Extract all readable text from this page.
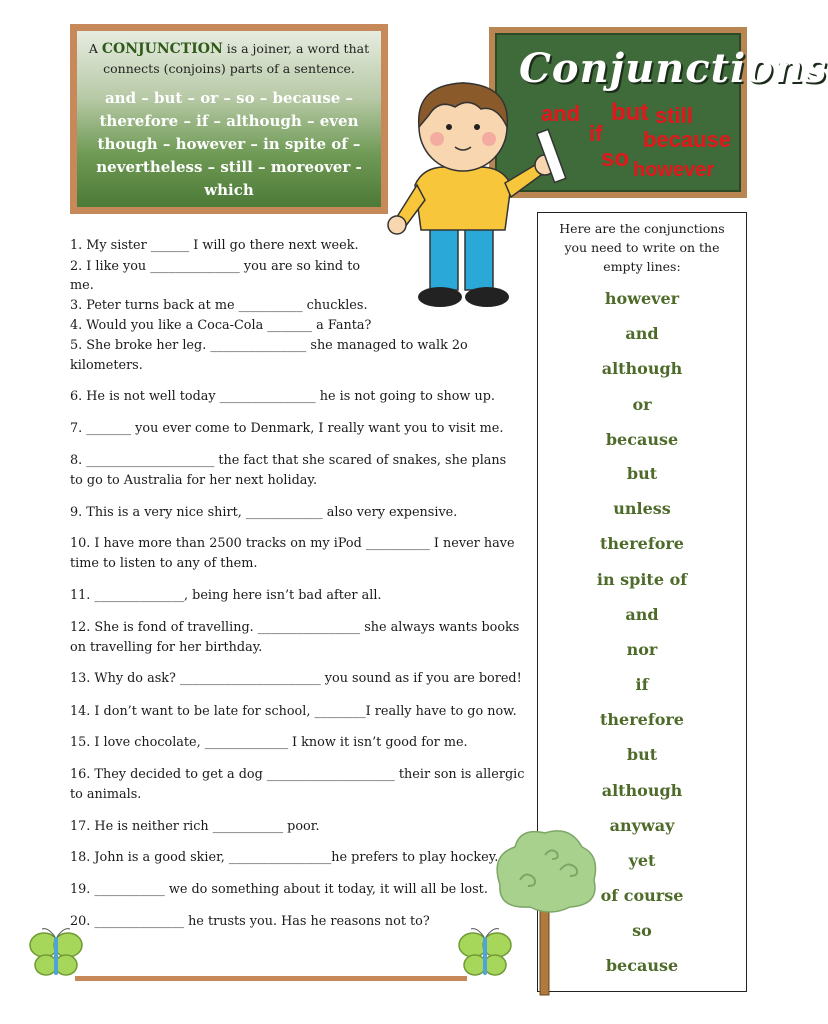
A CONJUNCTION is a joiner, a word that connects (conjoins) parts of a sentence.
and – but – or – so – because – therefore – if – although – even though – however – in spite of – nevertheless – still – moreover - which
Conjunctions
and but still
if because
so however
1. My sister ______ I will go there next week.
2. I like you ______________ you are so kind to
me.
3. Peter turns back at me __________ chuckles.
4. Would you like a Coca-Cola _______ a Fanta?
5. She broke her leg. _______________ she managed to walk 2o
kilometers.
6. He is not well today _______________ he is not going to show up.
7. _______ you ever come to Denmark, I really want you to visit me.
8. ____________________ the fact that she scared of snakes, she plans
to go to Australia for her next holiday.
9. This is a very nice shirt, ____________ also very expensive.
10. I have more than 2500 tracks on my iPod __________ I never have
time to listen to any of them.
11. ______________, being here isn’t bad after all.
12. She is fond of travelling. ________________ she always wants books
on travelling for her birthday.
13. Why do ask? ______________________ you sound as if you are bored!
14. I don’t want to be late for school, ________I really have to go now.
15. I love chocolate, _____________ I know it isn’t good for me.
16. They decided to get a dog ____________________ their son is allergic
to animals.
17. He is neither rich ___________ poor.
18. John is a good skier, ________________he prefers to play hockey.
19. ___________ we do something about it today, it will all be lost.
20. ______________ he trusts you. Has he reasons not to?
Here are the conjunctions you need to write on the empty lines:
however
and
although
or
because
but
unless
therefore
in spite of
and
nor
if
therefore
but
although
anyway
yet
of course
so
because
